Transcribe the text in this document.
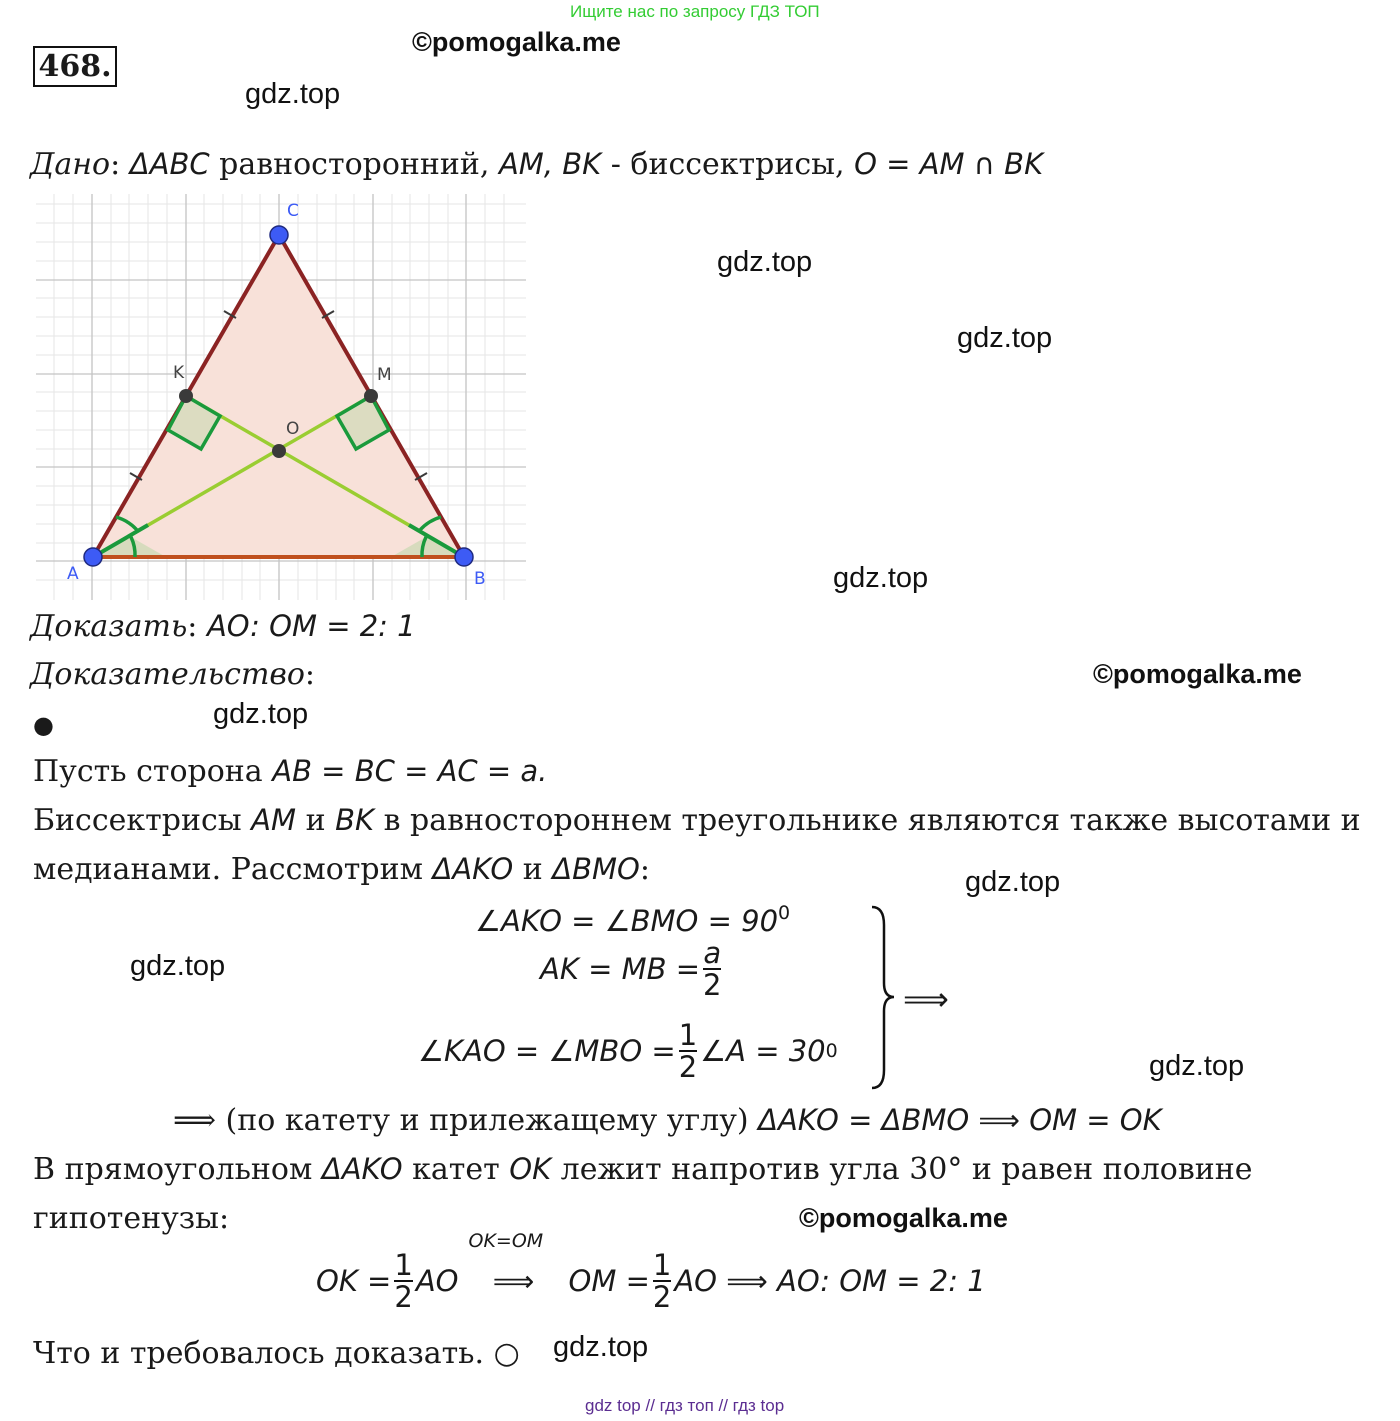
Ищите нас по запросу ГДЗ ТОП
468.
©pomogalka.me
gdz.top
gdz.top
gdz.top
gdz.top
©pomogalka.me
gdz.top
gdz.top
gdz.top
gdz.top
©pomogalka.me
gdz.top
Дано: ΔABC равносторонний, AM, BK - биссектрисы, O = AM ∩ BK
A	B
C
K	M
O
Доказать: AO: OM = 2: 1
Доказательство:
●
Пусть сторона AB = BC = AC = a.
Биссектрисы AM и BK в равностороннем треугольнике являются также высотами и
медианами. Рассмотрим ΔAKO и ΔBMO:
∠AKO = ∠BMO = $90^0$
AK = MB = $\frac{a}{2}$
∠KAO = ∠MBO = $\frac{1}{2}$ ∠A = 30 0
⟹
⟹ (по катету и прилежащему углу) ΔAKO = ΔBMO ⟹ OM = OK
В прямоугольном ΔAKO катет OK лежит напротив угла 30° и равен половине
гипотенузы:
OK = $\frac{1}{2}$ AO
OK=OM
⟹	OM = $\frac{1}{2}$ AO ⟹ AO: OM = 2: 1
Что и требовалось доказать. ○
gdz top // гдз топ // гдз top
